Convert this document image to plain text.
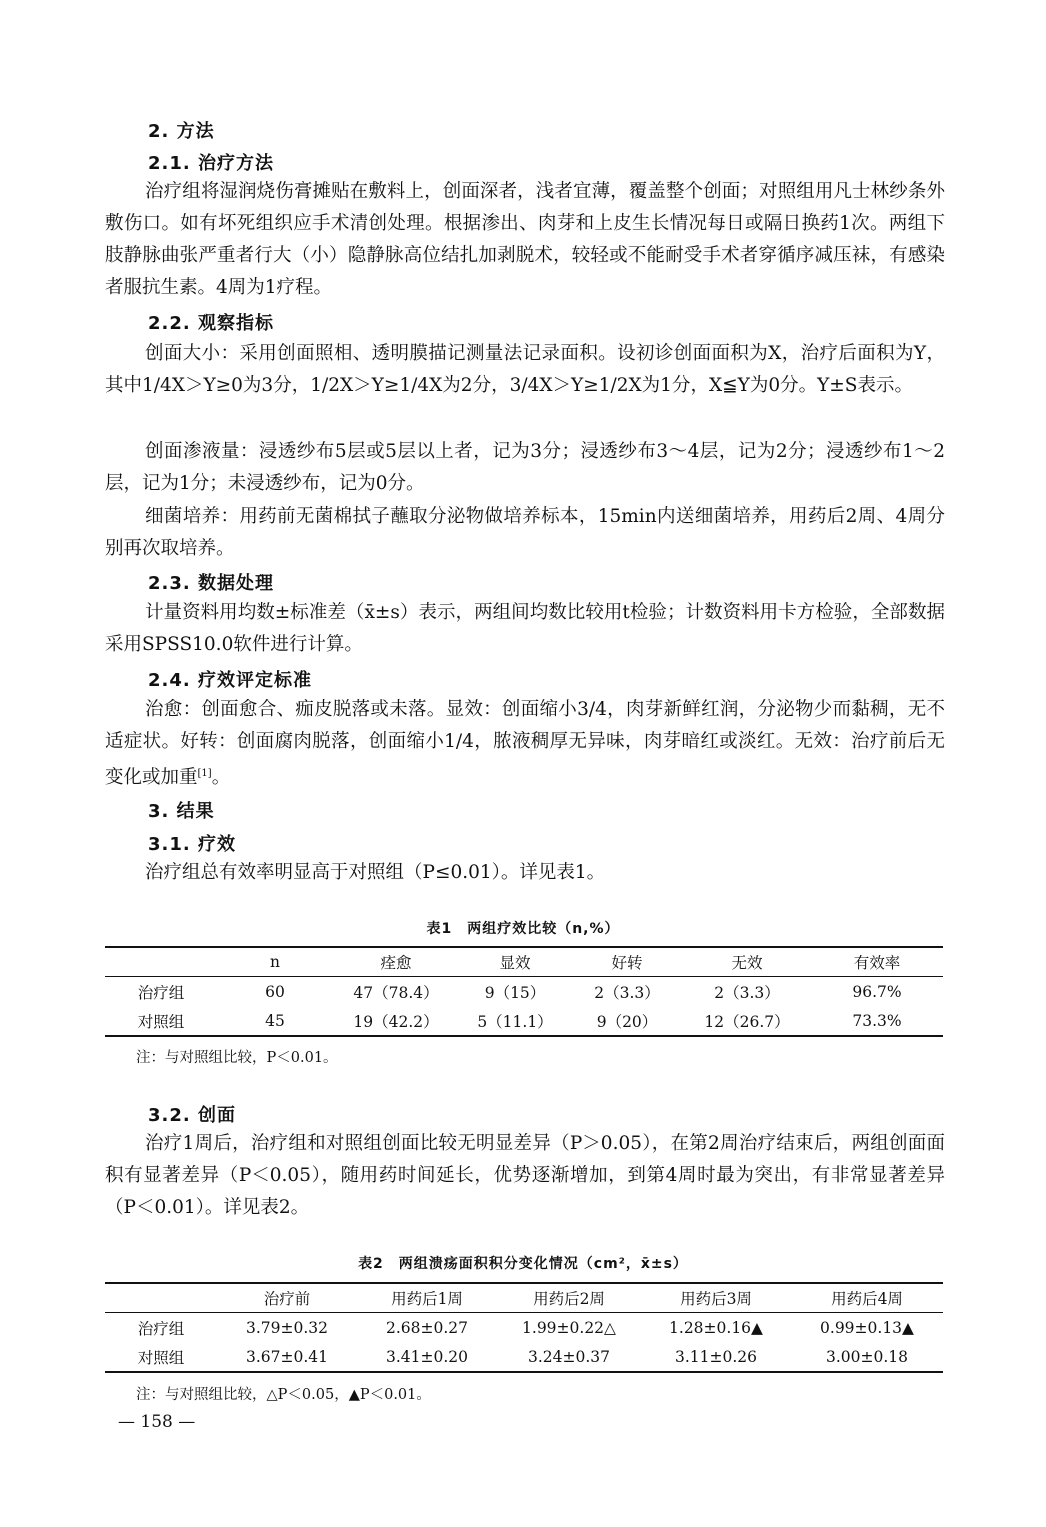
2. 方法
2.1. 治疗方法

治疗组将湿润烧伤膏摊贴在敷料上，创面深者，浅者宜薄，覆盖整个创面；对照组用凡士林纱条外敷伤口。如有坏死组织应手术清创处理。根据渗出、肉芽和上皮生长情况每日或隔日换药1次。两组下肢静脉曲张严重者行大（小）隐静脉高位结扎加剥脱术，较轻或不能耐受手术者穿循序减压袜，有感染者服抗生素。4周为1疗程。

2.2. 观察指标

创面大小：采用创面照相、透明膜描记测量法记录面积。设初诊创面面积为X，治疗后面积为Y，其中1/4X＞Y≥0为3分，1/2X＞Y≥1/4X为2分，3/4X＞Y≥1/2X为1分，X≦Y为0分。Y±S表示。

创面渗液量：浸透纱布5层或5层以上者，记为3分；浸透纱布3～4层，记为2分；浸透纱布1～2层，记为1分；未浸透纱布，记为0分。

细菌培养：用药前无菌棉拭子蘸取分泌物做培养标本，15min内送细菌培养，用药后2周、4周分别再次取培养。

2.3. 数据处理

计量资料用均数±标准差（x̄±s）表示，两组间均数比较用t检验；计数资料用卡方检验，全部数据采用SPSS10.0软件进行计算。

2.4. 疗效评定标准

治愈：创面愈合、痂皮脱落或未落。显效：创面缩小3/4，肉芽新鲜红润，分泌物少而黏稠，无不适症状。好转：创面腐肉脱落，创面缩小1/4，脓液稠厚无异味，肉芽暗红或淡红。无效：治疗前后无变化或加重[1]。

3. 结果
3.1. 疗效

治疗组总有效率明显高于对照组（P≤0.01）。详见表1。

表1　两组疗效比较（n,%）
	n	痊愈	显效	好转	无效	有效率
治疗组	60	47（78.4）	9（15）	2（3.3）	2（3.3）	96.7%
对照组	45	19（42.2）	5（11.1）	9（20）	12（26.7）	73.3%
注：与对照组比较，P＜0.01。
3.2. 创面

治疗1周后，治疗组和对照组创面比较无明显差异（P＞0.05），在第2周治疗结束后，两组创面面积有显著差异（P＜0.05），随用药时间延长，优势逐渐增加，到第4周时最为突出，有非常显著差异（P＜0.01）。详见表2。

表2　两组溃疡面积积分变化情况（cm²，x̄±s）
	治疗前	用药后1周	用药后2周	用药后3周	用药后4周
治疗组	3.79±0.32	2.68±0.27	1.99±0.22△	1.28±0.16▲	0.99±0.13▲
对照组	3.67±0.41	3.41±0.20	3.24±0.37	3.11±0.26	3.00±0.18
注：与对照组比较，△P＜0.05，▲P＜0.01。
— 158 —
